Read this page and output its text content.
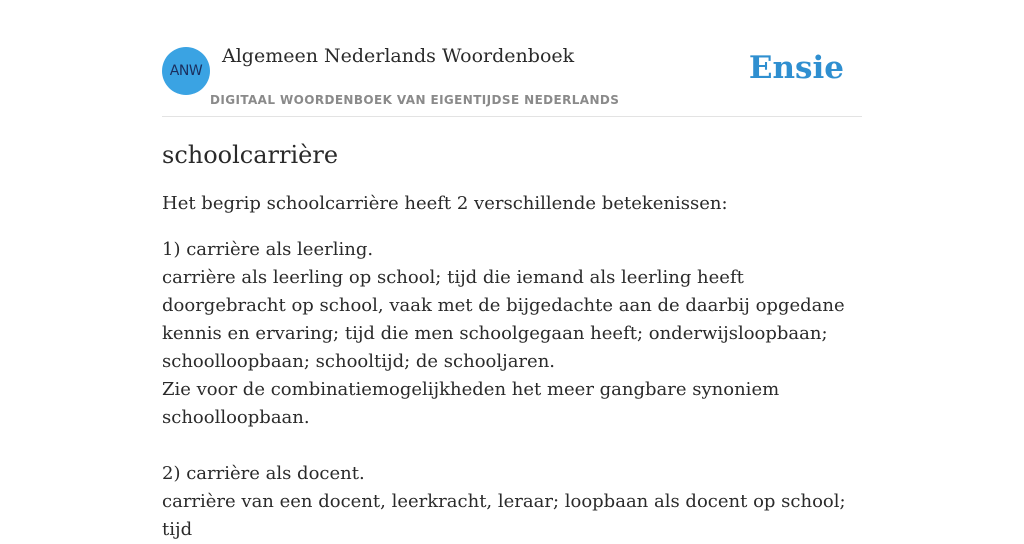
ANW
Algemeen Nederlands Woordenboek
DIGITAAL WOORDENBOEK VAN EIGENTIJDSE NEDERLANDS
Ensie
schoolcarrière

Het begrip schoolcarrière heeft 2 verschillende betekenissen:

1) carrière als leerling.

carrière als leerling op school; tijd die iemand als leerling heeft doorgebracht op school, vaak met de bijgedachte aan de daarbij opgedane kennis en ervaring; tijd die men schoolgegaan heeft; onderwijsloopbaan; schoolloopbaan; schooltijd; de schooljaren.

Zie voor de combinatiemogelijkheden het meer gangbare synoniem schoolloopbaan.

2) carrière als docent.

carrière van een docent, leerkracht, leraar; loopbaan als docent op school; tijd
